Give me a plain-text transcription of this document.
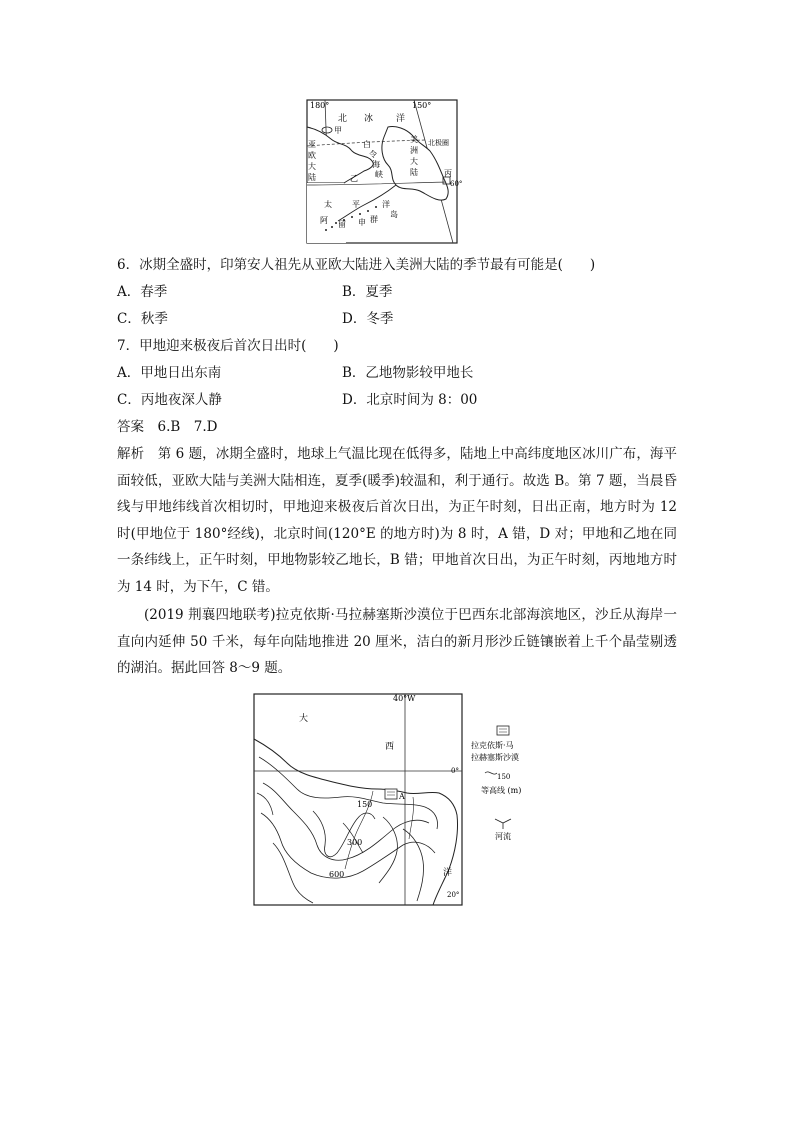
180°	150°
北 冰	洋
甲
亚
欧
大
陆
白
令
海
峡
美
洲
大
陆
北极圈
乙
丙
60°
太	平	洋
阿 留 申 群
岛
6．冰期全盛时，印第安人祖先从亚欧大陆进入美洲大陆的季节最有可能是(　　)
A．春季	B．夏季
C．秋季	D．冬季
7．甲地迎来极夜后首次日出时(　　)
A．甲地日出东南	B．乙地物影较甲地长
C．丙地夜深人静	D．北京时间为 8：00
答案　6.B　7.D
解析　第 6 题，冰期全盛时，地球上气温比现在低得多，陆地上中高纬度地区冰川广布，海平面较低，亚欧大陆与美洲大陆相连，夏季(暖季)较温和，利于通行。故选 B。第 7 题，当晨昏线与甲地纬线首次相切时，甲地迎来极夜后首次日出，为正午时刻，日出正南，地方时为 12 时(甲地位于 180°经线)，北京时间(120°E 的地方时)为 8 时，A 错，D 对；甲地和乙地在同一条纬线上，正午时刻，甲地物影较乙地长，B 错；甲地首次日出，为正午时刻，丙地地方时为 14 时，为下午，C 错。
(2019 荆襄四地联考)拉克依斯·马拉赫塞斯沙漠位于巴西东北部海滨地区，沙丘从海岸一直向内延伸 50 千米，每年向陆地推进 20 厘米，洁白的新月形沙丘链镶嵌着上千个晶莹剔透的湖泊。据此回答 8～9 题。
40°W
大
西
洋
0°
20°
150
300
600
A
拉克依斯·马
拉赫塞斯沙漠
150
等高线 (m)
河流
